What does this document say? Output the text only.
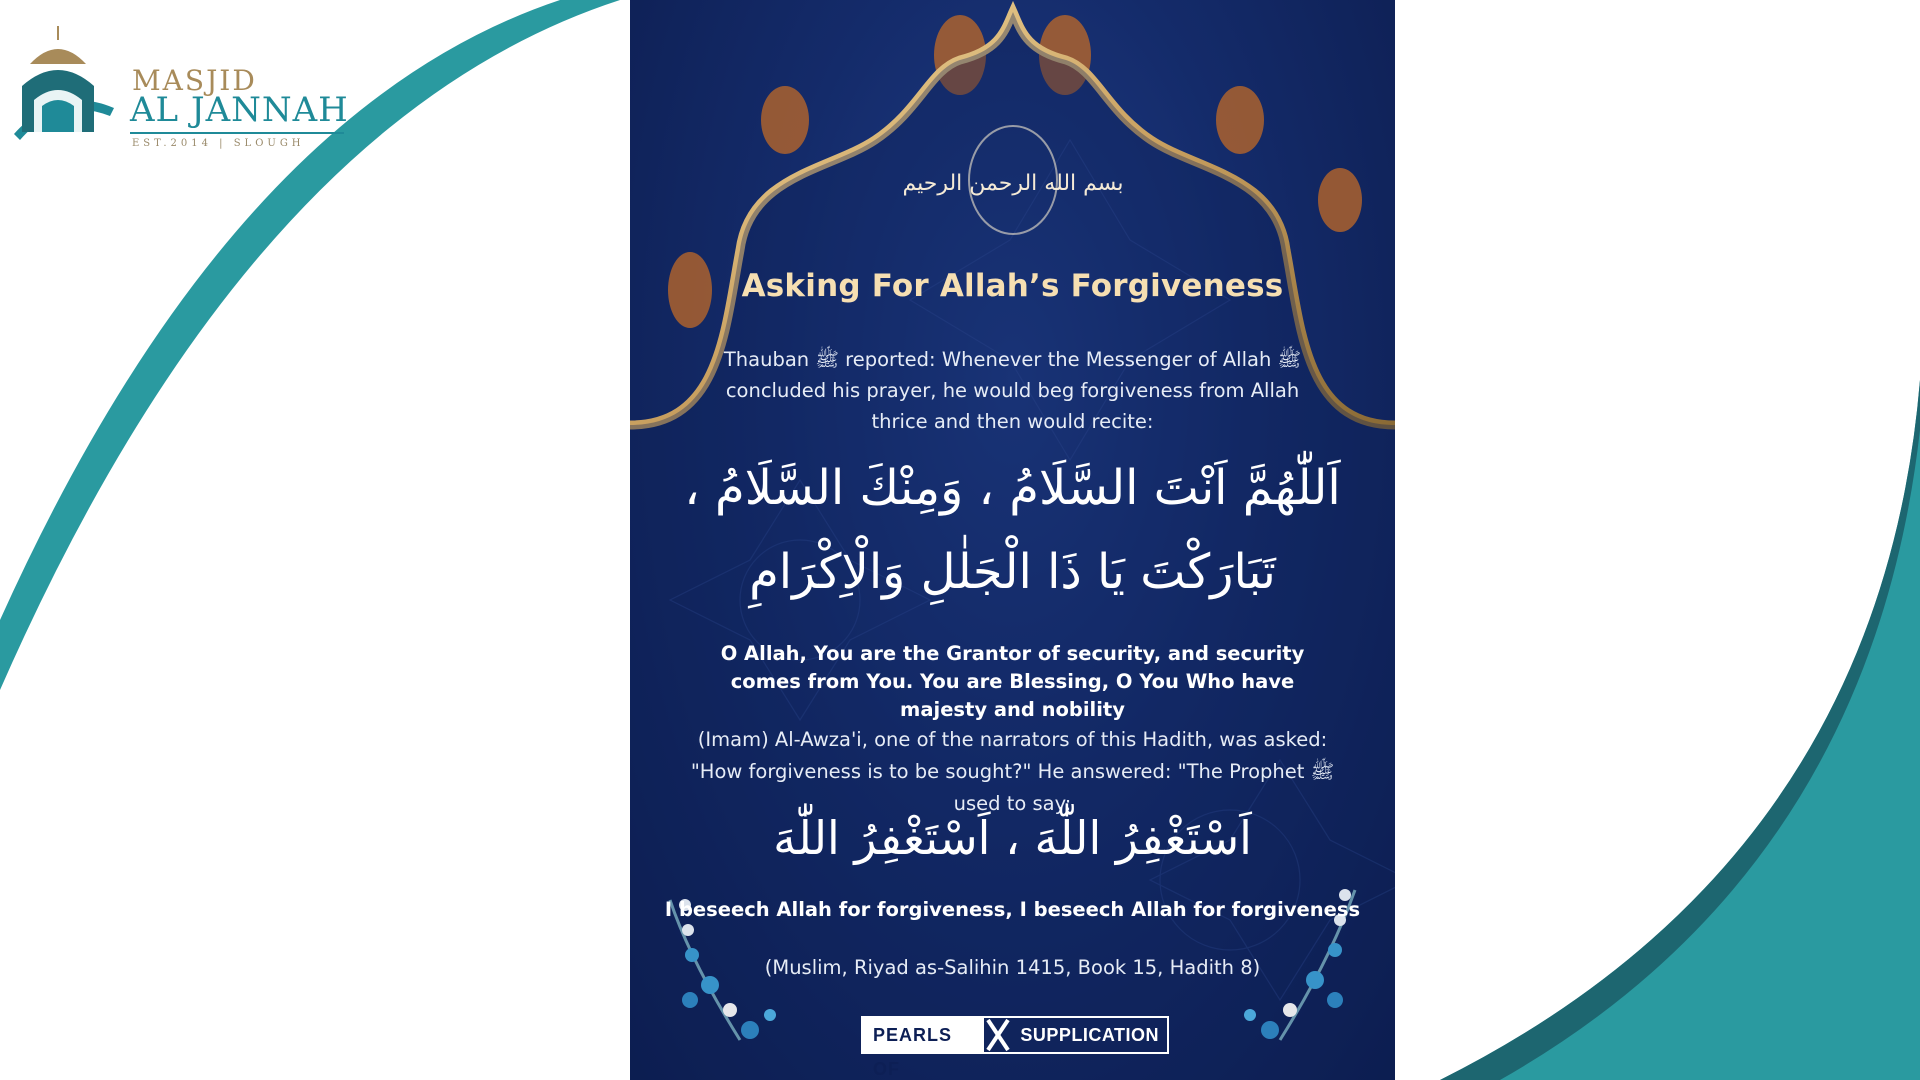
MASJID
AL JANNAH
EST.2014 | SLOUGH
بسم الله الرحمن الرحيم
Asking For Allah’s Forgiveness
Thauban ﷺ reported: Whenever the Messenger of Allah ﷺ concluded his prayer, he would beg forgiveness from Allah thrice and then would recite:
اَللّٰهُمَّ اَنْتَ السَّلَامُ ، وَمِنْكَ السَّلَامُ ،
تَبَارَكْتَ يَا ذَا الْجَلٰلِ وَالْاِكْرَامِ
O Allah, You are the Grantor of security, and security comes from You. You are Blessing, O You Who have majesty and nobility
(Imam) Al-Awza'i, one of the narrators of this Hadith, was asked: "How forgiveness is to be sought?" He answered: "The Prophet ﷺ used to say:
اَسْتَغْفِرُ اللّٰهَ ، اَسْتَغْفِرُ اللّٰهَ
I beseech Allah for forgiveness, I beseech Allah for forgiveness
(Muslim, Riyad as-Salihin 1415, Book 15, Hadith 8)
PEARLS OF
SUPPLICATION
